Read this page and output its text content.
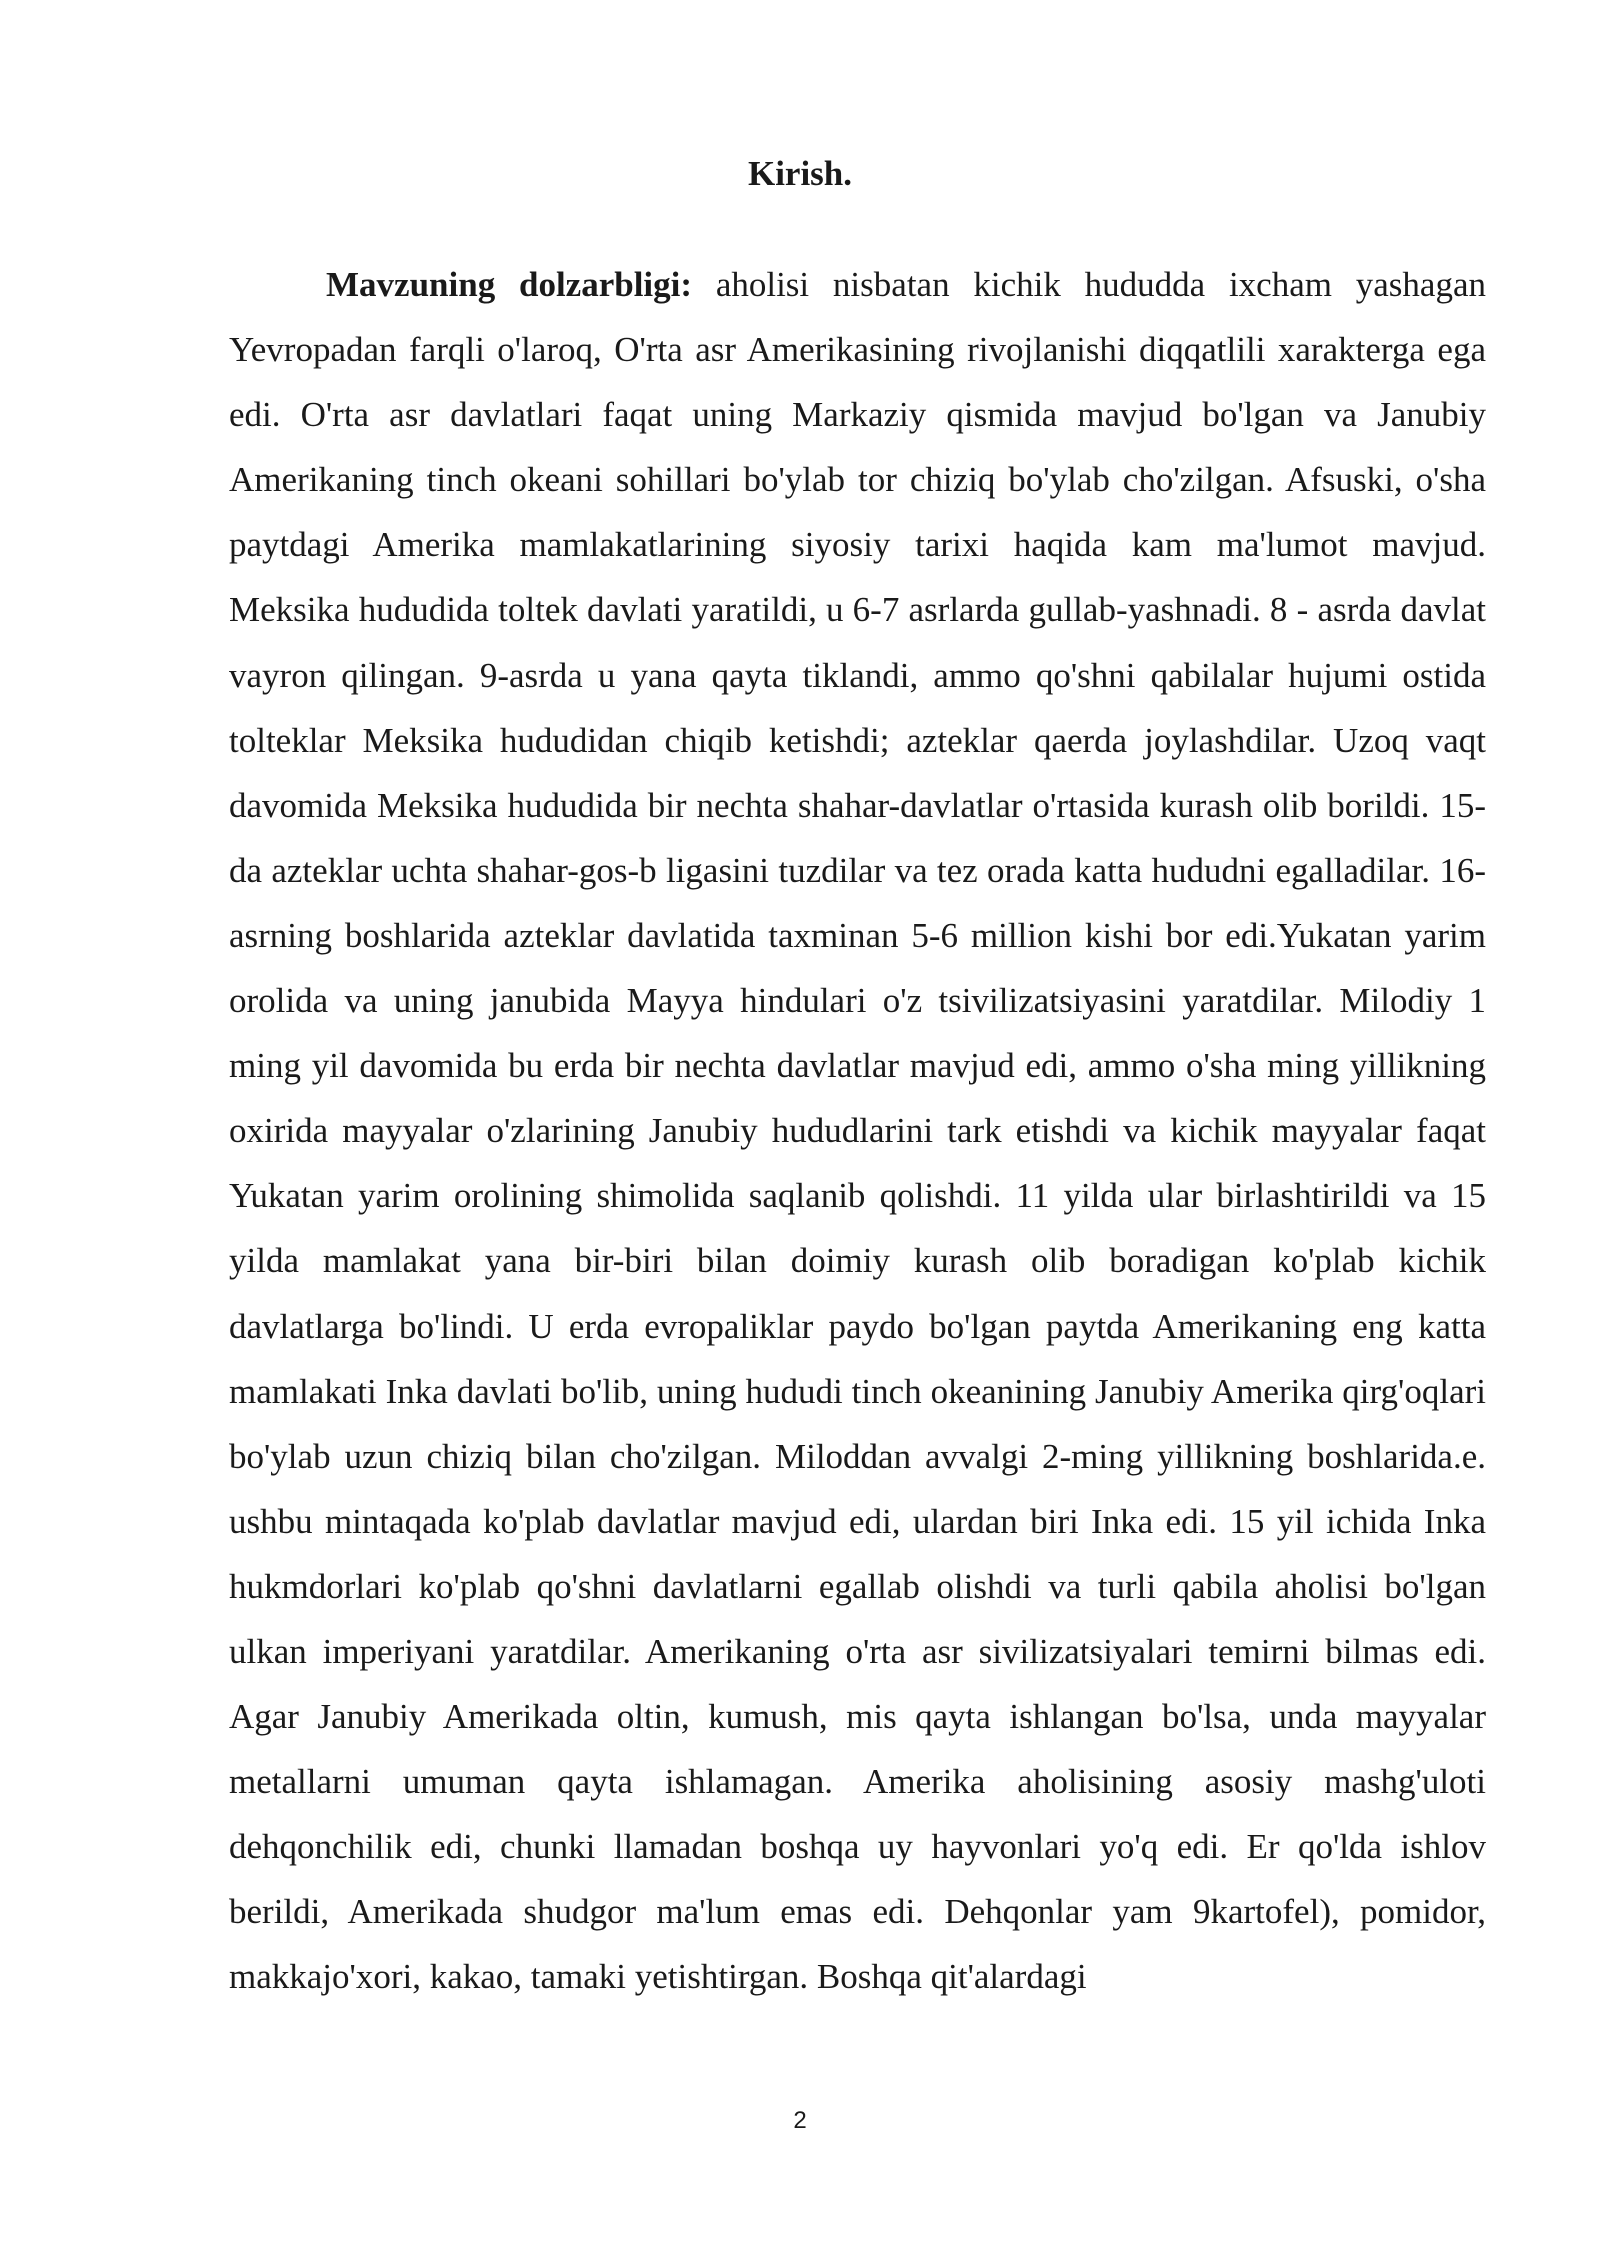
Kirish.

Mavzuning dolzarbligi: aholisi nisbatan kichik hududda ixcham yashagan Yevropadan farqli o'laroq, O'rta asr Amerikasining rivojlanishi diqqatlili xarakterga ega edi. O'rta asr davlatlari faqat uning Markaziy qismida mavjud bo'lgan va Janubiy Amerikaning tinch okeani sohillari bo'ylab tor chiziq bo'ylab cho'zilgan. Afsuski, o'sha paytdagi Amerika mamlakatlarining siyosiy tarixi haqida kam ma'lumot mavjud. Meksika hududida toltek davlati yaratildi, u 6-7 asrlarda gullab-yashnadi. 8 - asrda davlat vayron qilingan. 9-asrda u yana qayta tiklandi, ammo qo'shni qabilalar hujumi ostida tolteklar Meksika hududidan chiqib ketishdi; azteklar qaerda joylashdilar. Uzoq vaqt davomida Meksika hududida bir nechta shahar-davlatlar o'rtasida kurash olib borildi. 15-da azteklar uchta shahar-gos-b ligasini tuzdilar va tez orada katta hududni egalladilar. 16-asrning boshlarida azteklar davlatida taxminan 5-6 million kishi bor edi.Yukatan yarim orolida va uning janubida Mayya hindulari o'z tsivilizatsiyasini yaratdilar. Milodiy 1 ming yil davomida bu erda bir nechta davlatlar mavjud edi, ammo o'sha ming yillikning oxirida mayyalar o'zlarining Janubiy hududlarini tark etishdi va kichik mayyalar faqat Yukatan yarim orolining shimolida saqlanib qolishdi. 11 yilda ular birlashtirildi va 15 yilda mamlakat yana bir-biri bilan doimiy kurash olib boradigan ko'plab kichik davlatlarga bo'lindi. U erda evropaliklar paydo bo'lgan paytda Amerikaning eng katta mamlakati Inka davlati bo'lib, uning hududi tinch okeanining Janubiy Amerika qirg'oqlari bo'ylab uzun chiziq bilan cho'zilgan. Miloddan avvalgi 2-ming yillikning boshlarida.e. ushbu mintaqada ko'plab davlatlar mavjud edi, ulardan biri Inka edi. 15 yil ichida Inka hukmdorlari ko'plab qo'shni davlatlarni egallab olishdi va turli qabila aholisi bo'lgan ulkan imperiyani yaratdilar. Amerikaning o'rta asr sivilizatsiyalari temirni bilmas edi. Agar Janubiy Amerikada oltin, kumush, mis qayta ishlangan bo'lsa, unda mayyalar metallarni umuman qayta ishlamagan. Amerika aholisining asosiy mashg'uloti dehqonchilik edi, chunki llamadan boshqa uy hayvonlari yo'q edi. Er qo'lda ishlov berildi, Amerikada shudgor ma'lum emas edi. Dehqonlar yam 9kartofel), pomidor, makkajo'xori, kakao, tamaki yetishtirgan. Boshqa qit'alardagi

2
